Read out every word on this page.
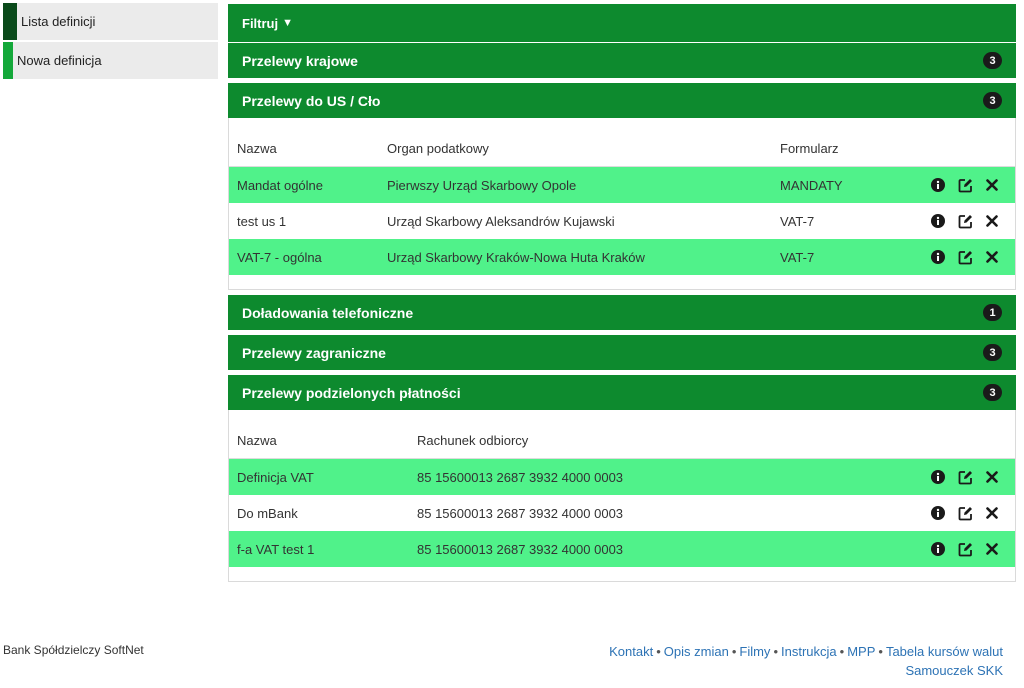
Lista definicji
Nowa definicja
Filtruj ▼
Przelewy krajowe	3
Przelewy do US / Cło	3
Nazwa	Organ podatkowy	Formularz
Mandat ogólne	Pierwszy Urząd Skarbowy Opole	MANDATY
test us 1	Urząd Skarbowy Aleksandrów Kujawski	VAT-7
VAT-7 - ogólna	Urząd Skarbowy Kraków-Nowa Huta Kraków	VAT-7
Doładowania telefoniczne	1
Przelewy zagraniczne	3
Przelewy podzielonych płatności	3
Nazwa	Rachunek odbiorcy
Definicja VAT	85 15600013 2687 3932 4000 0003
Do mBank	85 15600013 2687 3932 4000 0003
f-a VAT test 1	85 15600013 2687 3932 4000 0003
Bank Spółdzielczy SoftNet	Kontakt • Opis zmian • Filmy • Instrukcja • MPP • Tabela kursów walut
Samouczek SKK
